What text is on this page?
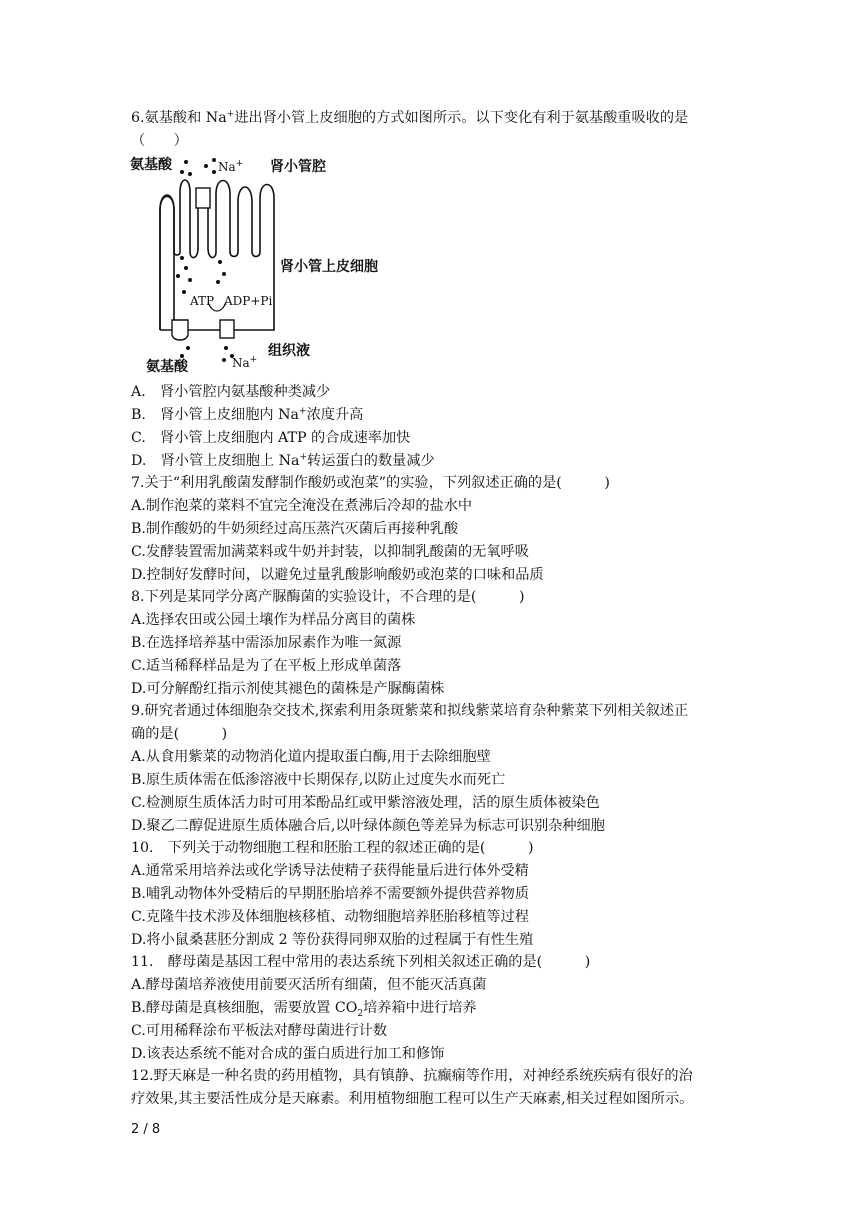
6.氨基酸和 Na+进出肾小管上皮细胞的方式如图所示。以下变化有利于氨基酸重吸收的是
（　　）
氨基酸	Na+ 肾小管腔
肾小管上皮细胞
ATP ADP+Pi
组织液
氨基酸	Na+
A.　肾小管腔内氨基酸种类减少
B.　肾小管上皮细胞内 Na+浓度升高
C.　肾小管上皮细胞内 ATP 的合成速率加快
D.　肾小管上皮细胞上 Na+转运蛋白的数量减少
7.关于“利用乳酸菌发酵制作酸奶或泡菜”的实验，下列叙述正确的是(　　　)
A.制作泡菜的菜料不宜完全淹没在煮沸后冷却的盐水中
B.制作酸奶的牛奶须经过高压蒸汽灭菌后再接种乳酸
C.发酵装置需加满菜料或牛奶并封装，以抑制乳酸菌的无氧呼吸
D.控制好发酵时间，以避免过量乳酸影响酸奶或泡菜的口味和品质
8.下列是某同学分离产脲酶菌的实验设计，不合理的是(　　　)
A.选择农田或公园土壤作为样品分离目的菌株
B.在选择培养基中需添加尿素作为唯一氮源
C.适当稀释样品是为了在平板上形成单菌落
D.可分解酚红指示剂使其褪色的菌株是产脲酶菌株
9.研究者通过体细胞杂交技术,探索利用条斑紫菜和拟线紫菜培育杂种紫菜下列相关叙述正
确的是(　　　)
A.从食用紫菜的动物消化道内提取蛋白酶,用于去除细胞壁
B.原生质体需在低渗溶液中长期保存,以防止过度失水而死亡
C.检测原生质体活力时可用苯酚品红或甲紫溶液处理，活的原生质体被染色
D.聚乙二醇促进原生质体融合后,以叶绿体颜色等差异为标志可识别杂种细胞
10.　下列关于动物细胞工程和胚胎工程的叙述正确的是(　　　)
A.通常采用培养法或化学诱导法使精子获得能量后进行体外受精
B.哺乳动物体外受精后的早期胚胎培养不需要额外提供营养物质
C.克隆牛技术涉及体细胞核移植、动物细胞培养胚胎移植等过程
D.将小鼠桑葚胚分割成 2 等份获得同卵双胎的过程属于有性生殖
11.　酵母菌是基因工程中常用的表达系统下列相关叙述正确的是(　　　)
A.酵母菌培养液使用前要灭活所有细菌，但不能灭活真菌
B.酵母菌是真核细胞，需要放置 $CO_2$培养箱中进行培养
C.可用稀释涂布平板法对酵母菌进行计数
D.该表达系统不能对合成的蛋白质进行加工和修饰
12.野天麻是一种名贵的药用植物，具有镇静、抗癫痫等作用，对神经系统疾病有很好的治
疗效果,其主要活性成分是天麻素。利用植物细胞工程可以生产天麻素,相关过程如图所示。
2 / 8
